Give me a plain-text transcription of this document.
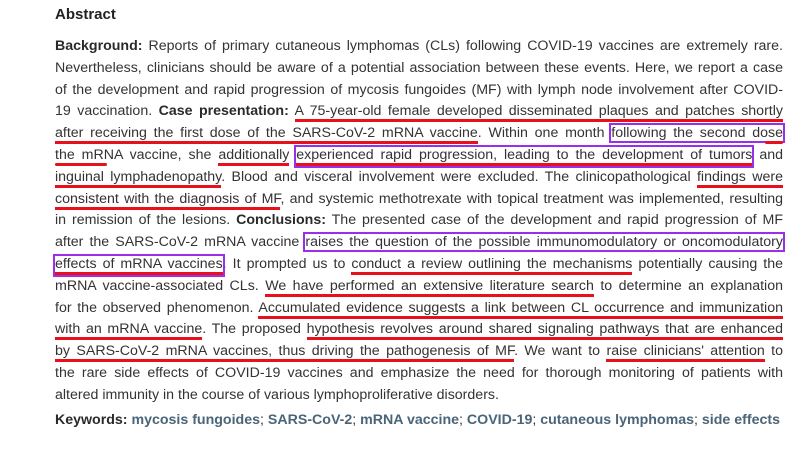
Abstract
Background: Reports of primary cutaneous lymphomas (CLs) following COVID-19 vaccines are extremely rare.
Nevertheless, clinicians should be aware of a potential association between these events. Here, we report a case
of the development and rapid progression of mycosis fungoides (MF) with lymph node involvement after COVID-
19 vaccination. Case presentation: A 75-year-old female developed disseminated plaques and patches shortly
after receiving the first dose of the SARS-CoV-2 mRNA vaccine. Within one month following the second dose
the mRNA vaccine, she additionally experienced rapid progression, leading to the development of tumors and
inguinal lymphadenopathy. Blood and visceral involvement were excluded. The clinicopathological findings were
consistent with the diagnosis of MF, and systemic methotrexate with topical treatment was implemented, resulting
in remission of the lesions. Conclusions: The presented case of the development and rapid progression of MF
after the SARS-CoV-2 mRNA vaccine raises the question of the possible immunomodulatory or oncomodulatory
effects of mRNA vaccines. It prompted us to conduct a review outlining the mechanisms potentially causing the
mRNA vaccine-associated CLs. We have performed an extensive literature search to determine an explanation
for the observed phenomenon. Accumulated evidence suggests a link between CL occurrence and immunization
with an mRNA vaccine. The proposed hypothesis revolves around shared signaling pathways that are enhanced
by SARS-CoV-2 mRNA vaccines, thus driving the pathogenesis of MF. We want to raise clinicians' attention to
the rare side effects of COVID-19 vaccines and emphasize the need for thorough monitoring of patients with
altered immunity in the course of various lymphoproliferative disorders.
Keywords: mycosis fungoides; SARS-CoV-2; mRNA vaccine; COVID-19; cutaneous lymphomas; side effects
